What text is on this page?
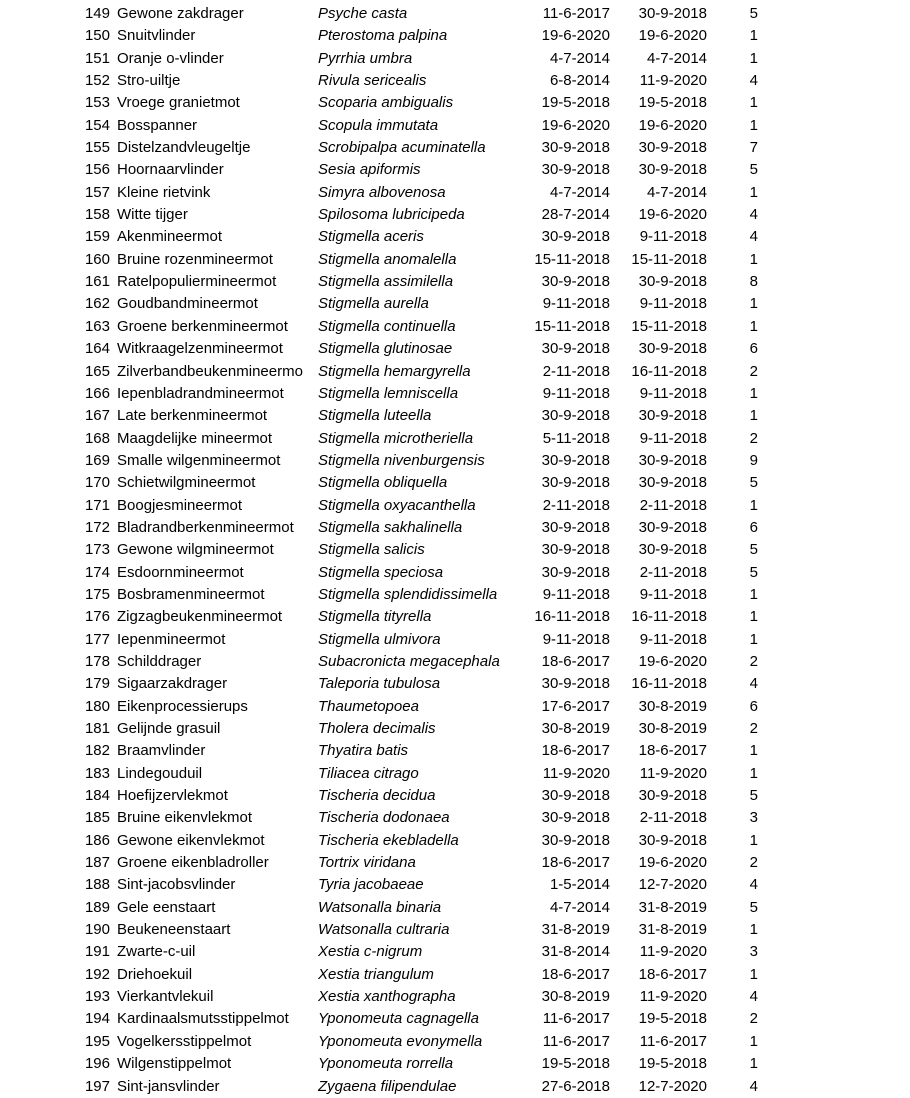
149 Gewone zakdrager	Psyche casta	11-6-2017	30-9-2018	5
150 Snuitvlinder	Pterostoma palpina	19-6-2020	19-6-2020	1
151 Oranje o-vlinder	Pyrrhia umbra	4-7-2014	4-7-2014	1
152 Stro-uiltje	Rivula sericealis	6-8-2014	11-9-2020	4
153 Vroege granietmot	Scoparia ambigualis	19-5-2018	19-5-2018	1
154 Bosspanner	Scopula immutata	19-6-2020	19-6-2020	1
155 Distelzandvleugeltje	Scrobipalpa acuminatella	30-9-2018	30-9-2018	7
156 Hoornaarvlinder	Sesia apiformis	30-9-2018	30-9-2018	5
157 Kleine rietvink	Simyra albovenosa	4-7-2014	4-7-2014	1
158 Witte tijger	Spilosoma lubricipeda	28-7-2014	19-6-2020	4
159 Akenmineermot	Stigmella aceris	30-9-2018	9-11-2018	4
160 Bruine rozenmineermot	Stigmella anomalella	15-11-2018	15-11-2018	1
161 Ratelpopuliermineermot	Stigmella assimilella	30-9-2018	30-9-2018	8
162 Goudbandmineermot	Stigmella aurella	9-11-2018	9-11-2018	1
163 Groene berkenmineermot	Stigmella continuella	15-11-2018	15-11-2018	1
164 Witkraagelzenmineermot	Stigmella glutinosae	30-9-2018	30-9-2018	6
165 Zilverbandbeukenmineermo	Stigmella hemargyrella	2-11-2018	16-11-2018	2
166 Iepenbladrandmineermot	Stigmella lemniscella	9-11-2018	9-11-2018	1
167 Late berkenmineermot	Stigmella luteella	30-9-2018	30-9-2018	1
168 Maagdelijke mineermot	Stigmella microtheriella	5-11-2018	9-11-2018	2
169 Smalle wilgenmineermot	Stigmella nivenburgensis	30-9-2018	30-9-2018	9
170 Schietwilgmineermot	Stigmella obliquella	30-9-2018	30-9-2018	5
171 Boogjesmineermot	Stigmella oxyacanthella	2-11-2018	2-11-2018	1
172 Bladrandberkenmineermot	Stigmella sakhalinella	30-9-2018	30-9-2018	6
173 Gewone wilgmineermot	Stigmella salicis	30-9-2018	30-9-2018	5
174 Esdoornmineermot	Stigmella speciosa	30-9-2018	2-11-2018	5
175 Bosbramenmineermot	Stigmella splendidissimella	9-11-2018	9-11-2018	1
176 Zigzagbeukenmineermot	Stigmella tityrella	16-11-2018	16-11-2018	1
177 Iepenmineermot	Stigmella ulmivora	9-11-2018	9-11-2018	1
178 Schilddrager	Subacronicta megacephala	18-6-2017	19-6-2020	2
179 Sigaarzakdrager	Taleporia tubulosa	30-9-2018	16-11-2018	4
180 Eikenprocessierups	Thaumetopoea	17-6-2017	30-8-2019	6
181 Gelijnde grasuil	Tholera decimalis	30-8-2019	30-8-2019	2
182 Braamvlinder	Thyatira batis	18-6-2017	18-6-2017	1
183 Lindegouduil	Tiliacea citrago	11-9-2020	11-9-2020	1
184 Hoefijzervlekmot	Tischeria decidua	30-9-2018	30-9-2018	5
185 Bruine eikenvlekmot	Tischeria dodonaea	30-9-2018	2-11-2018	3
186 Gewone eikenvlekmot	Tischeria ekebladella	30-9-2018	30-9-2018	1
187 Groene eikenbladroller	Tortrix viridana	18-6-2017	19-6-2020	2
188 Sint-jacobsvlinder	Tyria jacobaeae	1-5-2014	12-7-2020	4
189 Gele eenstaart	Watsonalla binaria	4-7-2014	31-8-2019	5
190 Beukeneenstaart	Watsonalla cultraria	31-8-2019	31-8-2019	1
191 Zwarte-c-uil	Xestia c-nigrum	31-8-2014	11-9-2020	3
192 Driehoekuil	Xestia triangulum	18-6-2017	18-6-2017	1
193 Vierkantvlekuil	Xestia xanthographa	30-8-2019	11-9-2020	4
194 Kardinaalsmutsstippelmot	Yponomeuta cagnagella	11-6-2017	19-5-2018	2
195 Vogelkersstippelmot	Yponomeuta evonymella	11-6-2017	11-6-2017	1
196 Wilgenstippelmot	Yponomeuta rorrella	19-5-2018	19-5-2018	1
197 Sint-jansvlinder	Zygaena filipendulae	27-6-2018	12-7-2020	4
